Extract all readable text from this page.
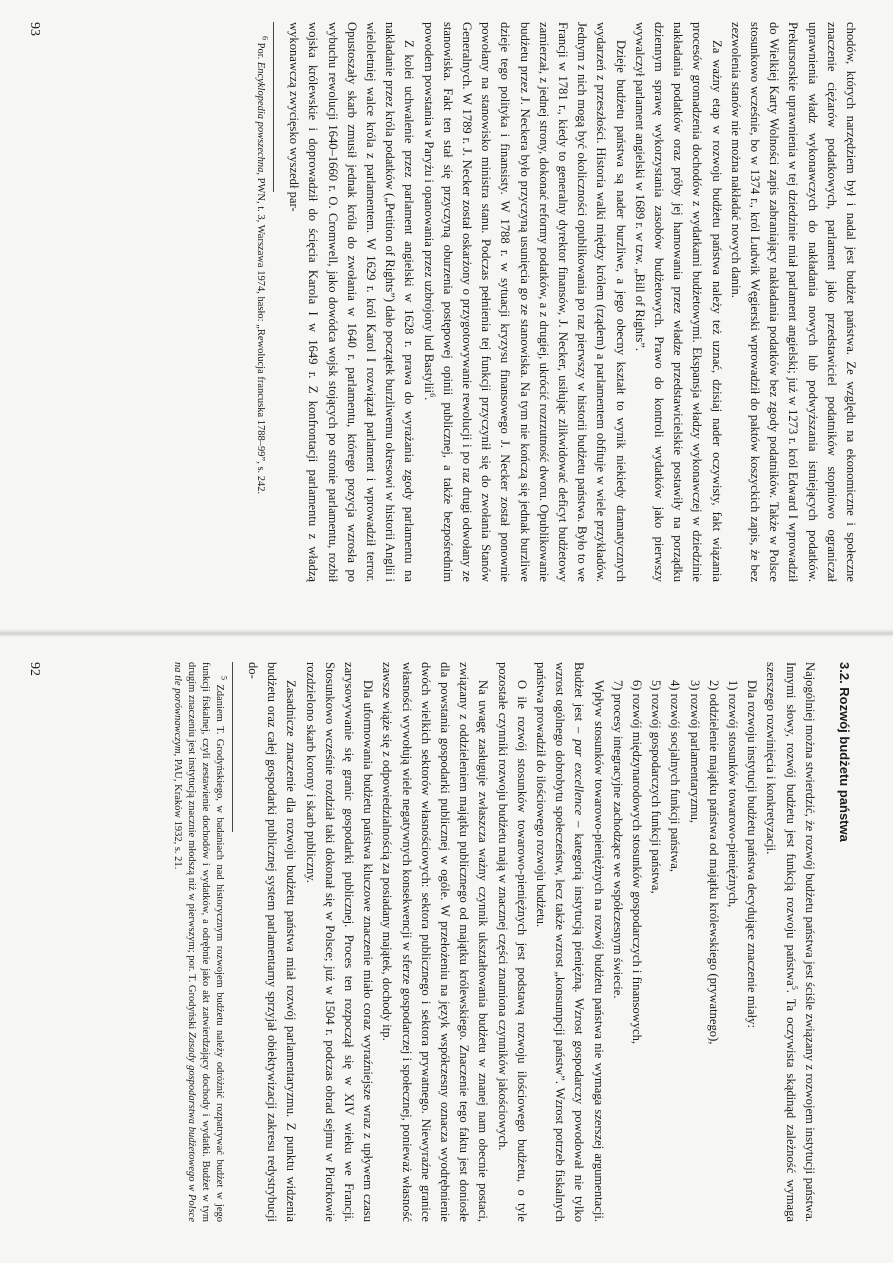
chodów, których narzędziem był i nadal jest budżet państwa. Ze względu na ekonomiczne i społeczne znaczenie ciężarów podatkowych, parlament jako przedstawiciel podatników stopniowo ograniczał uprawnienia władz wykonawczych do nakładania nowych lub podwyższania istniejących podatków. Prekursorskie uprawnienia w tej dziedzinie miał parlament angielski; już w 1273 r. król Edward I wprowadził do Wielkiej Karty Wolności zapis zabraniający nakładania podatków bez zgody podatników. Także w Polsce stosunkowo wcześnie, bo w 1374 r., król Ludwik Węgierski wprowadził do paktów koszyckich zapis, że bez zezwolenia stanów nie można nakładać nowych danin.

Za ważny etap w rozwoju budżetu państwa należy też uznać, dzisiaj nader oczywisty, fakt wiązania procesów gromadzenia dochodów z wydatkami budżetowymi. Ekspansja władzy wykonawczej w dziedzinie nakładania podatków oraz próby jej hamowania przez władze przedstawicielskie postawiły na porządku dziennym sprawę wykorzystania zasobów budżetowych. Prawo do kontroli wydatków jako pierwszy wywalczył parlament angielski w 1689 r. w tzw. „Bill of Rights”.

Dzieje budżetu państwa są nader burzliwe, a jego obecny kształt to wynik niekiedy dramatycznych wydarzeń z przeszłości. Historia walki między królem (rządem) a parlamentem obfituje w wiele przykładów. Jednym z nich mogą być okoliczności opublikowania po raz pierwszy w historii budżetu państwa. Było to we Francji w 1781 r., kiedy to generalny dyrektor finansów, J. Necker, usiłując zlikwidować deficyt budżetowy zamierzał, z jednej strony, dokonać reformy podatków, a z drugiej, ukrócić rozrzutność dworu. Opublikowanie budżetu przez J. Neckera było przyczyną usunięcia go ze stanowiska. Na tym nie kończą się jednak burzliwe dzieje tego polityka i finansisty. W 1788 r. w sytuacji kryzysu finansowego J. Necker został ponownie powołany na stanowisko ministra stanu. Podczas pełnienia tej funkcji przyczynił się do zwołania Stanów Generalnych. W 1789 r. J. Necker został oskarżony o przygotowywanie rewolucji i po raz drugi odwołany ze stanowiska. Fakt ten stał się przyczyną oburzenia postępowej opinii publicznej, a także bezpośrednim powodem powstania w Paryżu i opanowania przez uzbrojony lud Bastylii$^6$.

Z kolei uchwalenie przez parlament angielski w 1628 r. prawa do wyrażania zgody parlamentu na nakładanie przez króla podatków („Petition of Rights”) dało początek burzliwemu okresowi w historii Anglii i wieloletniej walce króla z parlamentem. W 1629 r. król Karol I rozwiązał parlament i wprowadził terror. Opustoszały skarb zmusił jednak króla do zwołania w 1640 r. parlamentu, którego pozycja wzrosła po wybuchu rewolucji 1640–1660 r. O. Cromwell, jako dowódca wojsk stojących po stronie parlamentu, rozbił wojska królewskie i doprowadził do ścięcia Karola I w 1649 r. Z konfrontacji parlamentu z władzą wykonawczą zwycięsko wyszedł par-

$^6$ Por. Encyklopedia powszechna, PWN, t. 3, Warszawa 1974, hasło: „Rewolucja francuska 1788–99”, s. 242.

93
3.2. Rozwój budżetu państwa

Najogólniej można stwierdzić, że rozwój budżetu państwa jest ściśle związany z rozwojem instytucji państwa. Innymi słowy, rozwój budżetu jest funkcją rozwoju państwa$^5$. Ta oczywista skądinąd zależność wymaga szerszego rozwinięcia i konkretyzacji.

Dla rozwoju instytucji budżetu państwa decydujące znaczenie miały:

1) rozwój stosunków towarowo-pieniężnych,
2) oddzielenie majątku państwa od majątku królewskiego (prywatnego),
3) rozwój parlamentaryzmu,
4) rozwój socjalnych funkcji państwa,
5) rozwój gospodarczych funkcji państwa,
6) rozwój międzynarodowych stosunków gospodarczych i finansowych,
7) procesy integracyjne zachodzące we współczesnym świecie.

Wpływ stosunków towarowo-pieniężnych na rozwój budżetu państwa nie wymaga szerszej argumentacji. Budżet jest – par excellence – kategorią instytucją pieniężną. Wzrost gospodarczy powodował nie tylko wzrost ogólnego dobrobytu społeczeństw, lecz także wzrost „konsumpcji państw”. Wzrost potrzeb fiskalnych państwa prowadził do ilościowego rozwoju budżetu.

O ile rozwój stosunków towarowo-pieniężnych jest podstawą rozwoju ilościowego budżetu, o tyle pozostałe czynniki rozwoju budżetu mają w znacznej części znamiona czynników jakościowych.

Na uwagę zasługuje zwłaszcza ważny czynnik ukształtowania budżetu w znanej nam obecnie postaci, związany z oddzieleniem majątku publicznego od majątku królewskiego. Znaczenie tego faktu jest doniosłe dla powstania gospodarki publicznej w ogóle. W przełożeniu na język współczesny oznacza wyodrębnienie dwóch wielkich sektorów własnościowych: sektora publicznego i sektora prywatnego. Niewyraźne granice własności wywołują wiele negatywnych konsekwencji w sferze gospodarczej i społecznej, ponieważ własność zawsze wiąże się z odpowiedzialnością za posiadany majątek, dochody itp.

Dla uformowania budżetu państwa kluczowe znaczenie miało coraz wyraźniejsze wraz z upływem czasu zarysowywanie się granic gospodarki publicznej. Proces ten rozpoczął się w XIV wieku we Francji. Stosunkowo wcześnie rozdział taki dokonał się w Polsce; już w 1504 r. podczas obrad sejmu w Piotrkowie rozdzielono skarb korony i skarb publiczny.

Zasadnicze znaczenie dla rozwoju budżetu państwa miał rozwój parlamentaryzmu. Z punktu widzenia budżetu oraz całej gospodarki publicznej system parlamentarny sprzyjał obiektywizacji zakresu redystrybucji do-

$^5$ Zdaniem T. Grodyńskiego, w badaniach nad historycznym rozwojem budżetu należy odróżnić rozpatrywać budżet w jego funkcji fiskalnej, czyli zestawienie dochodów i wydatków, a odrębnie jako akt zatwierdzający dochody i wydatki. Budżet w tym drugim znaczeniu jest instytucją znacznie młodszą niż w pierwszym; por. T. Grodyński Zasady gospodarstwa budżetowego w Polsce na tle porównawczym, PAU, Kraków 1932, s. 21.

92
